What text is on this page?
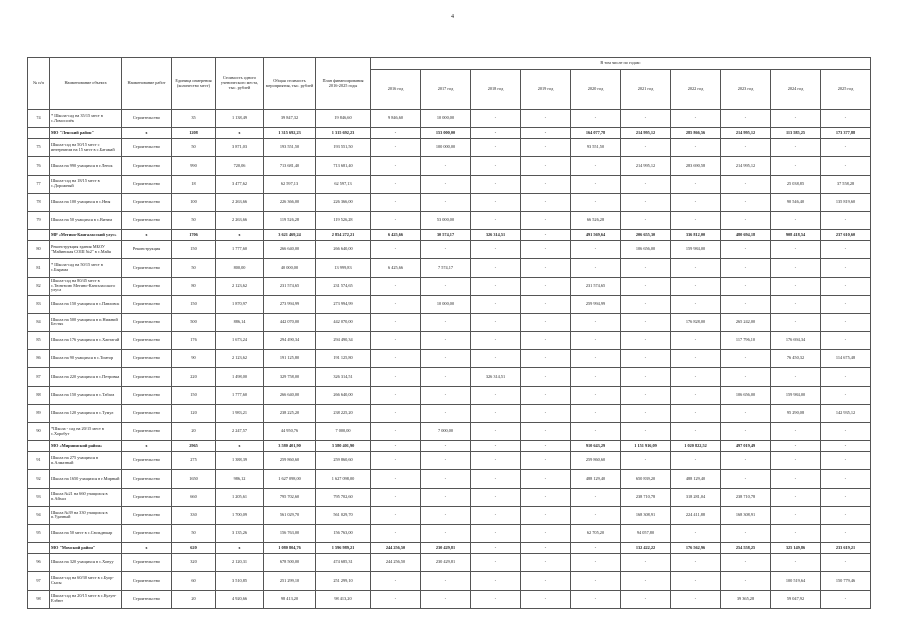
4
№ п/п	Наименование объекта	Наименование работ	Единица измерения (количество мест)	Стоимость одного ученического места, тыс. рублей	Общая стоимость мероприятия, тыс. рублей	План финансирования 2016-2025 годы	В том числе по годам:									
							2016 год	2017 год	2018 год	2019 год	2020 год	2021 год	2022 год	2023 год	2024 год	2025 год
74	* Школа-сад на 35/15 мест в с.Ломосолёк	Строительство	35	1 138,49	39 847,32	19 846,60	9 846,60	10 000,00	-	-	-	-	-	-	-	-
	МО "Ленский район"	x	1208	x	1 315 692,23	1 315 692,23	-	153 000,00	-	-	164 077,78	214 995,12	285 866,56	214 995,12	113 585,25	173 377,88
75	Школа-сад на 50/15 мест с интернатом на 15 мест в с.Батамай	Строительство	50	3 871,03	193 551,50	193 551,50	-	100 000,00	-	-	93 551,50	-	-	-	-	-
76	Школа на 990 учащихся в г.Ленск	Строительство	990	720,06	713 681,40	713 681,40	-	-	-	-	-	214 995,12	283 690,58	214 995,12	-	-
77	Школа-сад на 18/15 мест в с.Дорожный	Строительство	18	3 477,62	62 597,13	62 597,13	-	-	-	-	-	-	-	-	25 038,85	37 558,28
78	Школа на 100 учащихся в с.Нюя	Строительство	100	2 263,66	226 366,00	226 366,00	-	-	-	-	-	-	-	-	90 546,40	135 819,60
79	Школа на 50 учащихся в с.Витим	Строительство	50	2 263,66	119 526,28	119 526,28	-	53 000,00	-	-	66 526,28	-	-	-	-	-
	МР «Мегино-Кангаласский улус»	x	1706	x	3 621 469,24	2 854 272,21	6 425,66	30 574,17	326 314,51	-	491 569,64	206 655,30	336 812,00	480 694,18	908 418,54	237 610,60
80	Реконструкция здания МБОУ "Майинская СОШ №2" в с.Майя	Реконструкция	150	1 777,60	266 640,00	266 640,00	-	-	-	-	-	106 656,00	159 984,00	-	-	-
81	* Школа-сад на 50/15 мест в с.Бырама	Строительство	50	800,00	40 000,00	13 999,83	6 425,66	7 574,17	-	-	-	-	-	-	-	-
82	Школа-сад на 80/45 мест в с.Тюнгюлю Мегино-Кангаласского улуса	Строительство	80	2 123,62	231 574,65	231 574,65	-	-	-	-	231 574,65	-	-	-	-	-
83	Школа на 150 учащихся в с.Павловск	Строительство	150	1 870,97	273 994,99	273 994,99	-	10 000,00	-	-	259 994,99	-	-	-	-	-
84	Школа на 500 учащихся в п.Нижний Бестях	Строительство	500	886,14	442 070,00	442 070,00	-	-	-	-	-	-	176 828,00	265 242,00	-	-
85	Школа на 176 учащихся в с.Хаптагай	Строительство	176	1 673,24	294 490,34	294 490,34	-	-	-	-	-	-	-	117 796,10	176 694,34	-
86	Школа на 90 учащихся в с.Томтор	Строительство	90	2 123,62	191 125,80	191 125,80	-	-	-	-	-	-	-	-	76 450,32	114 675,48
87	Школа на 220 учащихся в с.Петровка	Строительство	220	1 498,00	329 758,00	326 314,51	-	-	326 314,51	-	-	-	-	-	-	-
88	Школа на 150 учащихся в с.Табага	Строительство	150	1 777,60	266 640,00	266 640,00	-	-	-	-	-	-	-	106 656,00	159 984,00	-
89	Школа на 120 учащихся в с.Тумул	Строительство	120	1 983,21	238 225,20	238 225,20	-	-	-	-	-	-	-	-	95 290,08	142 935,12
90	*Школа - сад на 20/15 мест в с.Хоробут	Строительство	20	2 247,57	44 950,76	7 000,00	-	7 000,00	-	-	-	-	-	-	-	-
	МО «Мирнинский район»	x	2965	x	3 580 401,90	3 580 401,90	-	-	-	-	910 643,29	1 151 916,09	1 020 822,52	497 019,49	-	-
91	Школа на 275 учащихся в п.Алмазный	Строительство	275	1 388,39	259 860,60	259 860,60	-	-	-	-	259 860,60	-	-	-	-	-
92	Школа на 1650 учащихся в г.Мирный	Строительство	1650	986,12	1 627 098,00	1 627 098,00	-	-	-	-	488 129,40	650 839,20	488 129,40	-	-	-
93	Школа №21 на 660 учащихся в п.Айхал	Строительство	660	1 205,61	795 702,60	795 702,60	-	-	-	-	-	238 710,78	318 281,04	238 710,78	-	-
94	Школа №39 на 330 учащихся в п.Удачный	Строительство	330	1 700,09	561 029,70	561 029,70	-	-	-	-	-	168 308,91	224 411,88	168 308,91	-	-
95	Школа на 50 мест в с.Сюльдюкар	Строительство	50	3 135,26	156 763,00	156 763,00	-	-	-	-	62 705,20	94 057,80	-	-	-	-
	МО "Момский район"	x	620	x	1 080 804,76	1 596 989,21	244 256,50	230 429,81	-	-	-	132 422,22	176 562,96	254 558,25	325 149,86	233 619,21
96	Школа на 320 учащихся в с.Хонуу	Строительство	320	2 120,31	678 500,00	474 685,31	244 256,50	230 429,81	-	-	-	-	-	-	-	-
97	Школа-сад на 60/30 мест в с.Буор-Сысы	Строительство	60	3 510,85	251 299,10	251 299,10	-	-	-	-	-	-	-	-	100 519,64	150 779,46
98	Школа-сад на 20/15 мест в с.Кулун-Елбют	Строительство	20	4 920,66	98 413,20	98 413,20	-	-	-	-	-	-	-	39 365,28	59 047,92	-
